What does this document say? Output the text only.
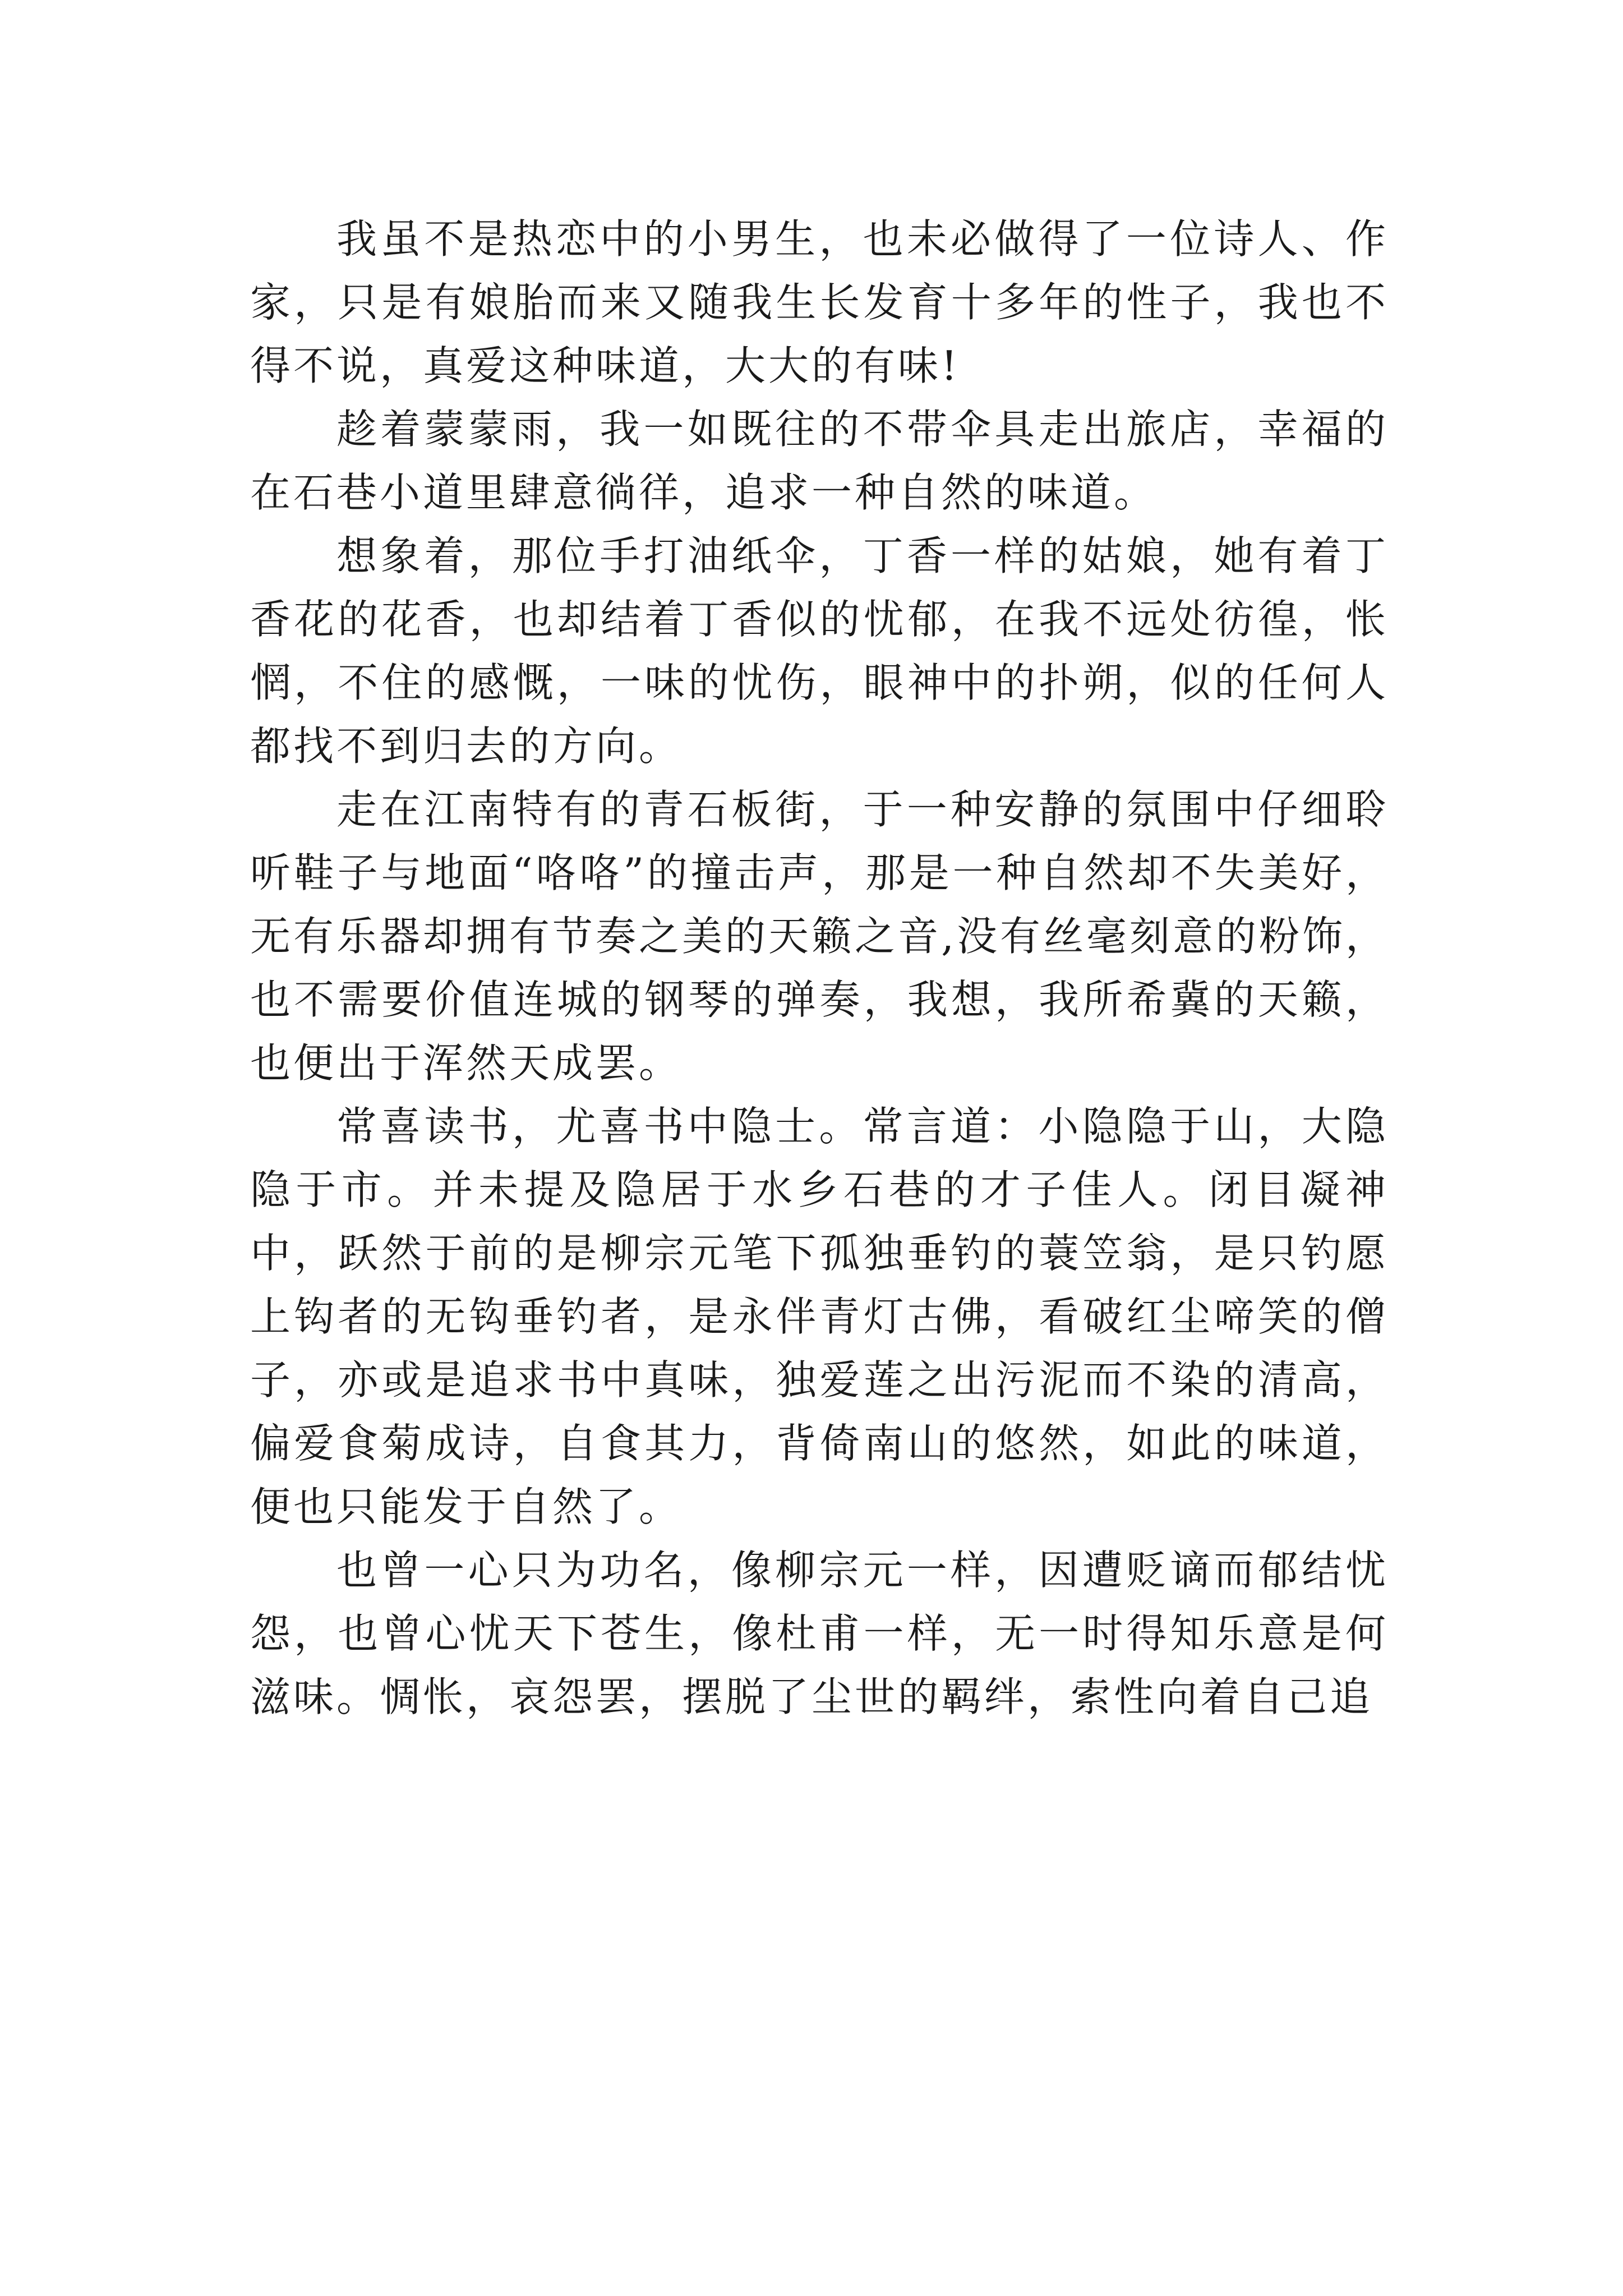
我虽不是热恋中的小男生，也未必做得了一位诗人、作家，只是有娘胎而来又随我生长发育十多年的性子，我也不得不说，真爱这种味道，大大的有味!

趁着蒙蒙雨，我一如既往的不带伞具走出旅店，幸福的在石巷小道里肆意徜徉，追求一种自然的味道。

想象着，那位手打油纸伞，丁香一样的姑娘，她有着丁香花的花香，也却结着丁香似的忧郁，在我不远处彷徨，怅惘，不住的感慨，一味的忧伤，眼神中的扑朔，似的任何人都找不到归去的方向。

走在江南特有的青石板街，于一种安静的氛围中仔细聆听鞋子与地面“咯咯”的撞击声，那是一种自然却不失美好，无有乐器却拥有节奏之美的天籁之音,没有丝毫刻意的粉饰，也不需要价值连城的钢琴的弹奏，我想，我所希冀的天籁，也便出于浑然天成罢。

常喜读书，尤喜书中隐士。常言道：小隐隐于山，大隐隐于市。并未提及隐居于水乡石巷的才子佳人。闭目凝神中，跃然于前的是柳宗元笔下孤独垂钓的蓑笠翁，是只钓愿上钩者的无钩垂钓者，是永伴青灯古佛，看破红尘啼笑的僧子，亦或是追求书中真味，独爱莲之出污泥而不染的清高，偏爱食菊成诗，自食其力，背倚南山的悠然，如此的味道，便也只能发于自然了。

也曾一心只为功名，像柳宗元一样，因遭贬谪而郁结忧怨，也曾心忧天下苍生，像杜甫一样，无一时得知乐意是何滋味。惆怅，哀怨罢，摆脱了尘世的羁绊，索性向着自己追
